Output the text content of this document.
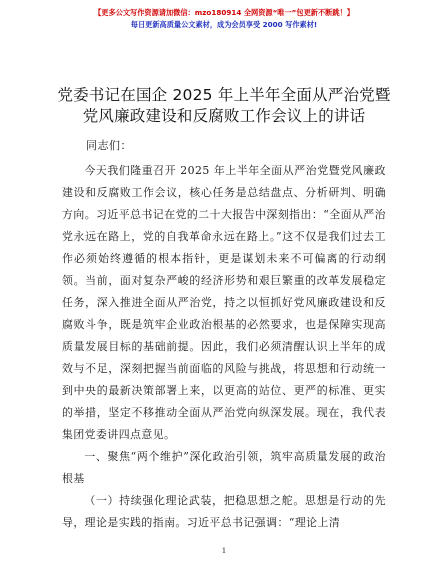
【更多公文写作资源请加微信：mzo180914 全网资源“唯一”包更新不断跳！】
每日更新高质量公文素材，成为会员享受 2000 写作素材!
党委书记在国企 2025 年上半年全面从严治党暨
党风廉政建设和反腐败工作会议上的讲话
同志们：

今天我们隆重召开 2025 年上半年全面从严治党暨党风廉政建设和反腐败工作会议，核心任务是总结盘点、分析研判、明确方向。习近平总书记在党的二十大报告中深刻指出：“全面从严治党永远在路上，党的自我革命永远在路上。”这不仅是我们过去工作必须始终遵循的根本指针，更是谋划未来不可偏离的行动纲领。当前，面对复杂严峻的经济形势和艰巨繁重的改革发展稳定任务，深入推进全面从严治党，持之以恒抓好党风廉政建设和反腐败斗争，既是筑牢企业政治根基的必然要求，也是保障实现高质量发展目标的基础前提。因此，我们必须清醒认识上半年的成效与不足，深刻把握当前面临的风险与挑战，将思想和行动统一到中央的最新决策部署上来，以更高的站位、更严的标准、更实的举措，坚定不移推动全面从严治党向纵深发展。现在，我代表集团党委讲四点意见。

一、聚焦“两个维护”深化政治引领，筑牢高质量发展的政治根基

（一）持续强化理论武装，把稳思想之舵。思想是行动的先导，理论是实践的指南。习近平总书记强调：“理论上清

1
